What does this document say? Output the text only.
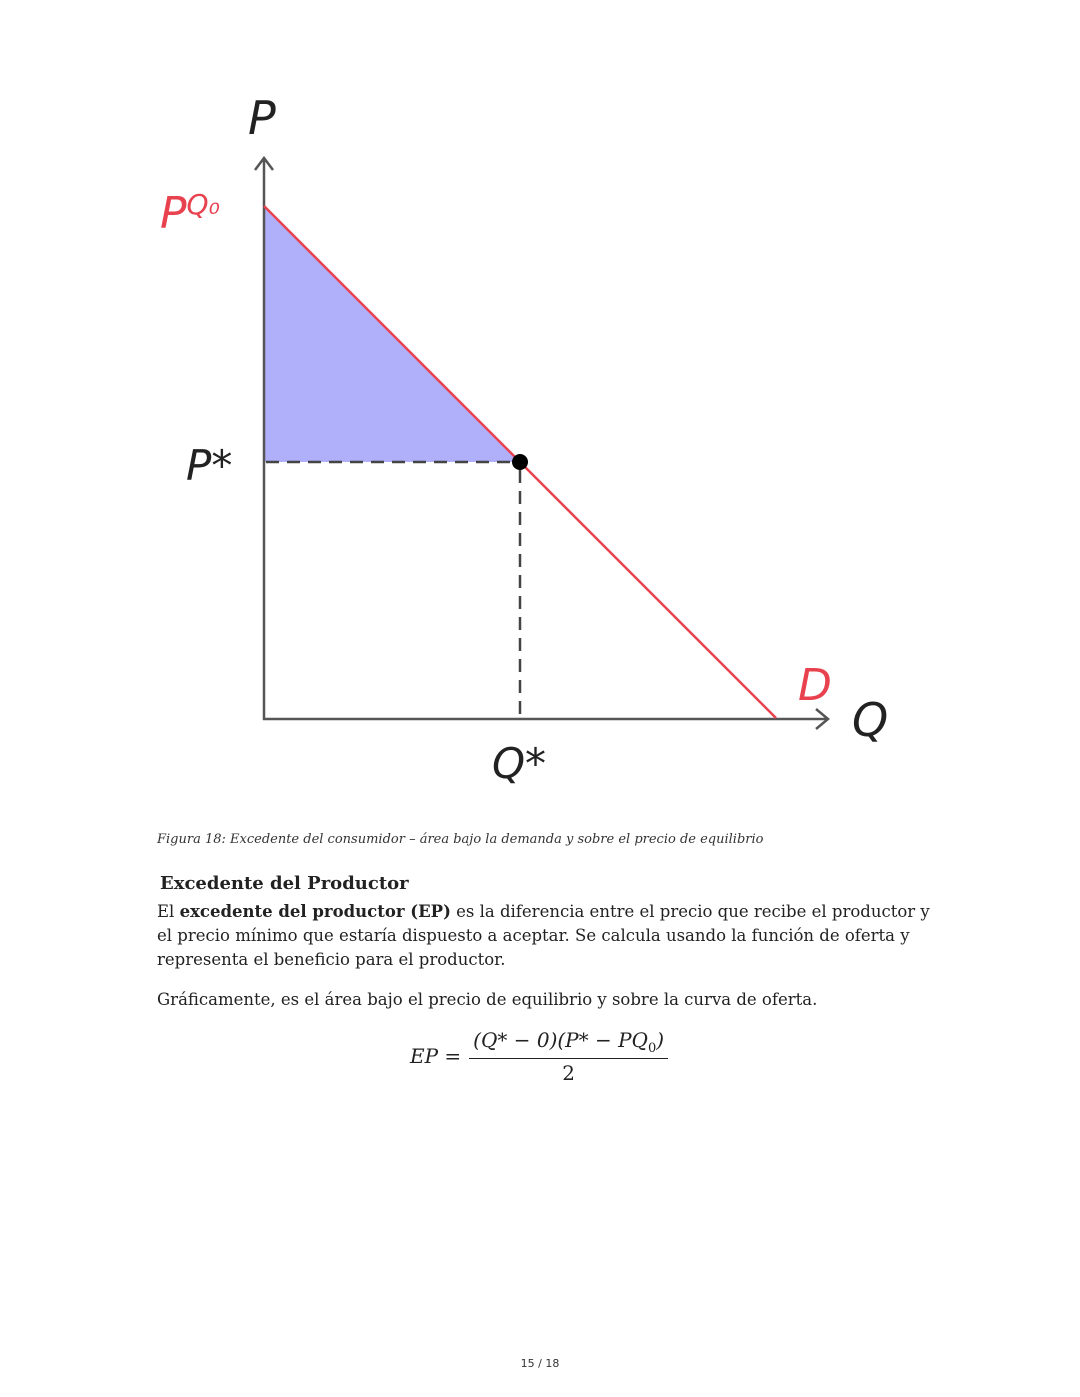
P
Q
$P^{Q_0}$
P*
Q*
D
Figura 18: Excedente del consumidor – área bajo la demanda y sobre el precio de equilibrio
Excedente del Productor
El excedente del productor (EP) es la diferencia entre el precio que recibe el productor y el precio mínimo que estaría dispuesto a aceptar. Se calcula usando la función de oferta y representa el beneficio para el productor.
Gráficamente, es el área bajo el precio de equilibrio y sobre la curva de oferta.
EP = $\frac{(Q* - 0)(P* - PQ_0)}{2}$
15 / 18
